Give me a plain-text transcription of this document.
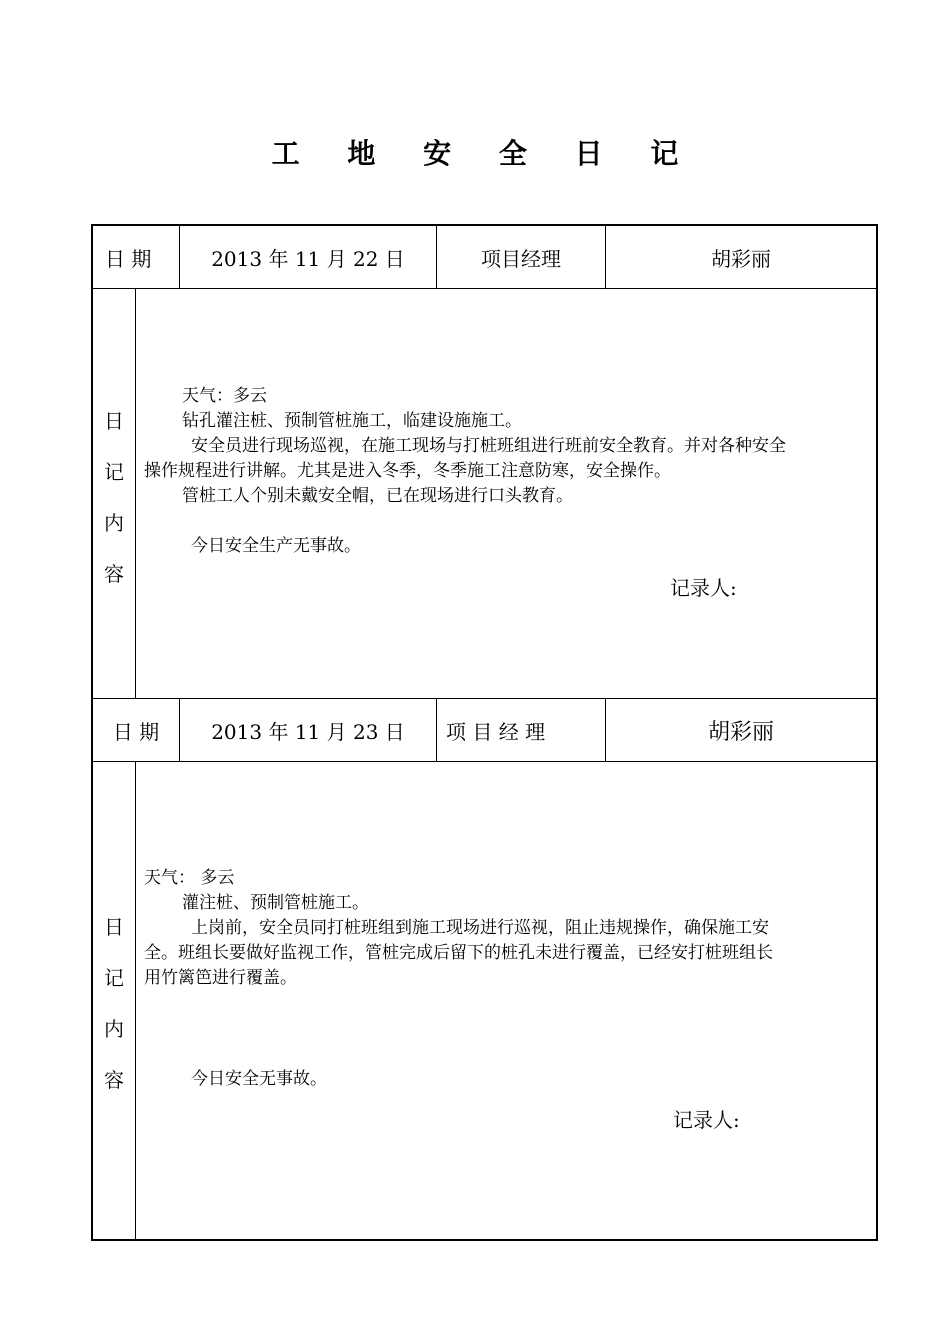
工 地 安 全 日 记
日 期	2013 年 11 月 22 日	项目经理	胡彩丽
日
记
内
容

天气：多云

钻孔灌注桩、预制管桩施工，临建设施施工。

安全员进行现场巡视，在施工现场与打桩班组进行班前安全教育。并对各种安全

操作规程进行讲解。尤其是进入冬季，冬季施工注意防寒，安全操作。

管桩工人个别未戴安全帽，已在现场进行口头教育。

今日安全生产无事故。

记录人:
日 期	2013 年 11 月 23 日	项 目 经 理	胡彩丽
日
记
内
容

天气： 多云

灌注桩、预制管桩施工。

上岗前，安全员同打桩班组到施工现场进行巡视，阻止违规操作，确保施工安

全。班组长要做好监视工作，管桩完成后留下的桩孔未进行覆盖，已经安打桩班组长

用竹篱笆进行覆盖。

今日安全无事故。
记录人:
